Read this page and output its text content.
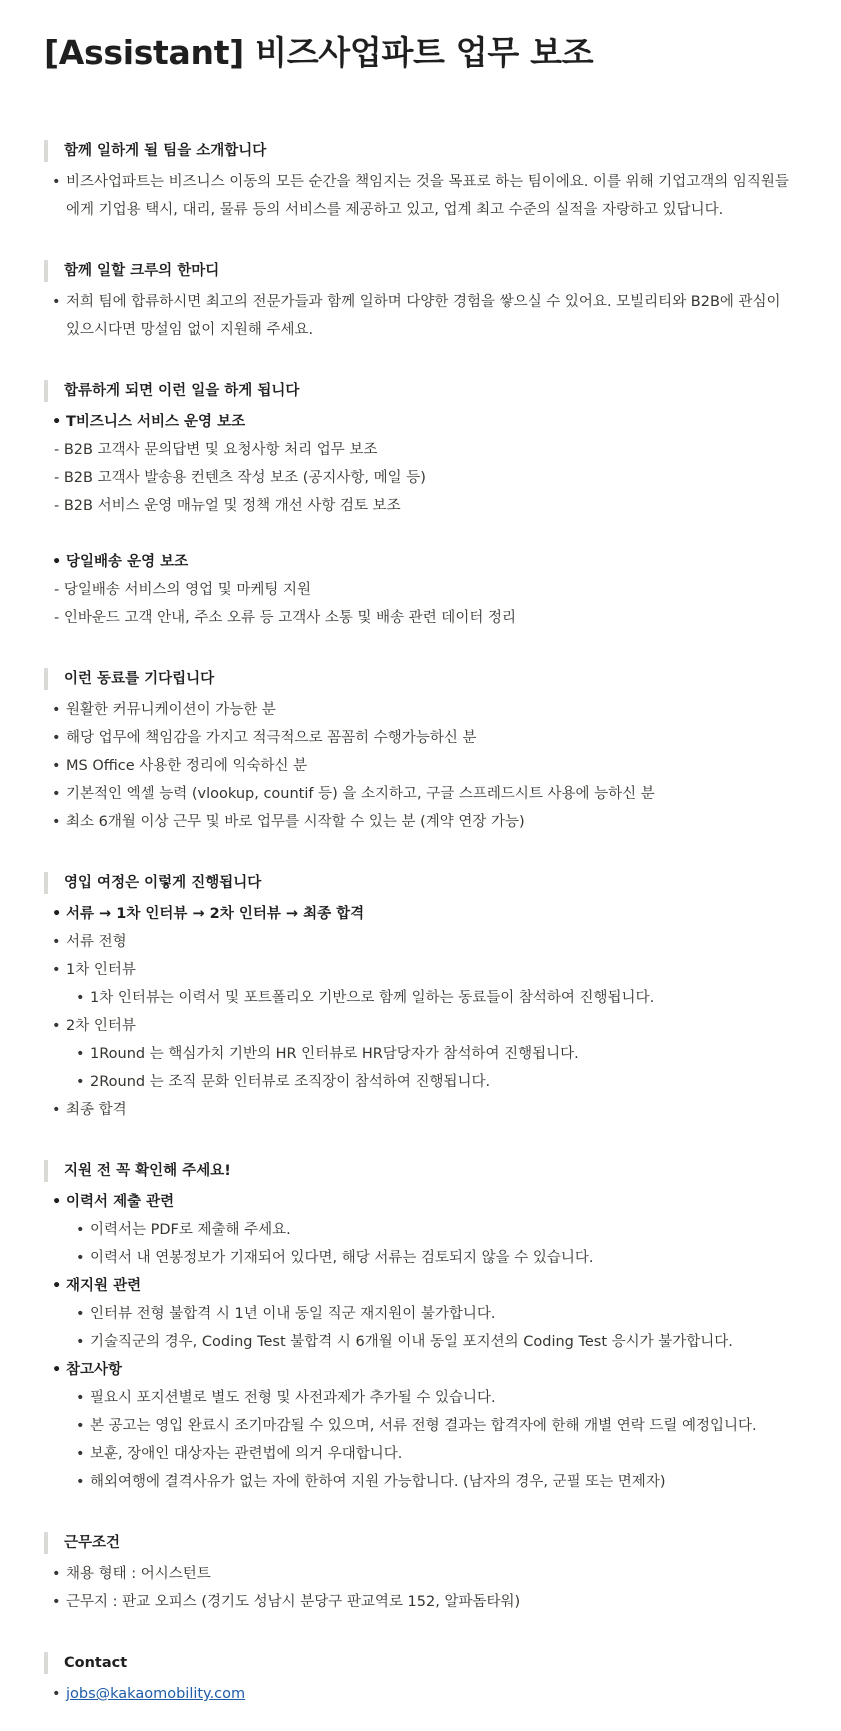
[Assistant] 비즈사업파트 업무 보조
함께 일하게 될 팀을 소개합니다
• 비즈사업파트는 비즈니스 이동의 모든 순간을 책임지는 것을 목표로 하는 팀이에요. 이를 위해 기업고객의 임직원들에게 기업용 택시, 대리, 물류 등의 서비스를 제공하고 있고, 업계 최고 수준의 실적을 자랑하고 있답니다.
함께 일할 크루의 한마디
• 저희 팀에 합류하시면 최고의 전문가들과 함께 일하며 다양한 경험을 쌓으실 수 있어요. 모빌리티와 B2B에 관심이 있으시다면 망설임 없이 지원해 주세요.
합류하게 되면 이런 일을 하게 됩니다
• T비즈니스 서비스 운영 보조
- B2B 고객사 문의답변 및 요청사항 처리 업무 보조
- B2B 고객사 발송용 컨텐츠 작성 보조 (공지사항, 메일 등)
- B2B 서비스 운영 매뉴얼 및 정책 개선 사항 검토 보조
• 당일배송 운영 보조
- 당일배송 서비스의 영업 및 마케팅 지원
- 인바운드 고객 안내, 주소 오류 등 고객사 소통 및 배송 관련 데이터 정리
이런 동료를 기다립니다
• 원활한 커뮤니케이션이 가능한 분
• 해당 업무에 책임감을 가지고 적극적으로 꼼꼼히 수행가능하신 분
• MS Office 사용한 정리에 익숙하신 분
• 기본적인 엑셀 능력 (vlookup, countif 등) 을 소지하고, 구글 스프레드시트 사용에 능하신 분
• 최소 6개월 이상 근무 및 바로 업무를 시작할 수 있는 분 (계약 연장 가능)
영입 여정은 이렇게 진행됩니다
• 서류 → 1차 인터뷰 → 2차 인터뷰 → 최종 합격
• 서류 전형
• 1차 인터뷰
• 1차 인터뷰는 이력서 및 포트폴리오 기반으로 함께 일하는 동료들이 참석하여 진행됩니다.
• 2차 인터뷰
• 1Round 는 핵심가치 기반의 HR 인터뷰로 HR담당자가 참석하여 진행됩니다.
• 2Round 는 조직 문화 인터뷰로 조직장이 참석하여 진행됩니다.
• 최종 합격
지원 전 꼭 확인해 주세요!
• 이력서 제출 관련
• 이력서는 PDF로 제출해 주세요.
• 이력서 내 연봉정보가 기재되어 있다면, 해당 서류는 검토되지 않을 수 있습니다.
• 재지원 관련
• 인터뷰 전형 불합격 시 1년 이내 동일 직군 재지원이 불가합니다.
• 기술직군의 경우, Coding Test 불합격 시 6개월 이내 동일 포지션의 Coding Test 응시가 불가합니다.
• 참고사항
• 필요시 포지션별로 별도 전형 및 사전과제가 추가될 수 있습니다.
• 본 공고는 영입 완료시 조기마감될 수 있으며, 서류 전형 결과는 합격자에 한해 개별 연락 드릴 예정입니다.
• 보훈, 장애인 대상자는 관련법에 의거 우대합니다.
• 해외여행에 결격사유가 없는 자에 한하여 지원 가능합니다. (남자의 경우, 군필 또는 면제자)
근무조건
• 채용 형태 : 어시스턴트
• 근무지 : 판교 오피스 (경기도 성남시 분당구 판교역로 152, 알파돔타워)
Contact
• jobs@kakaomobility.com
